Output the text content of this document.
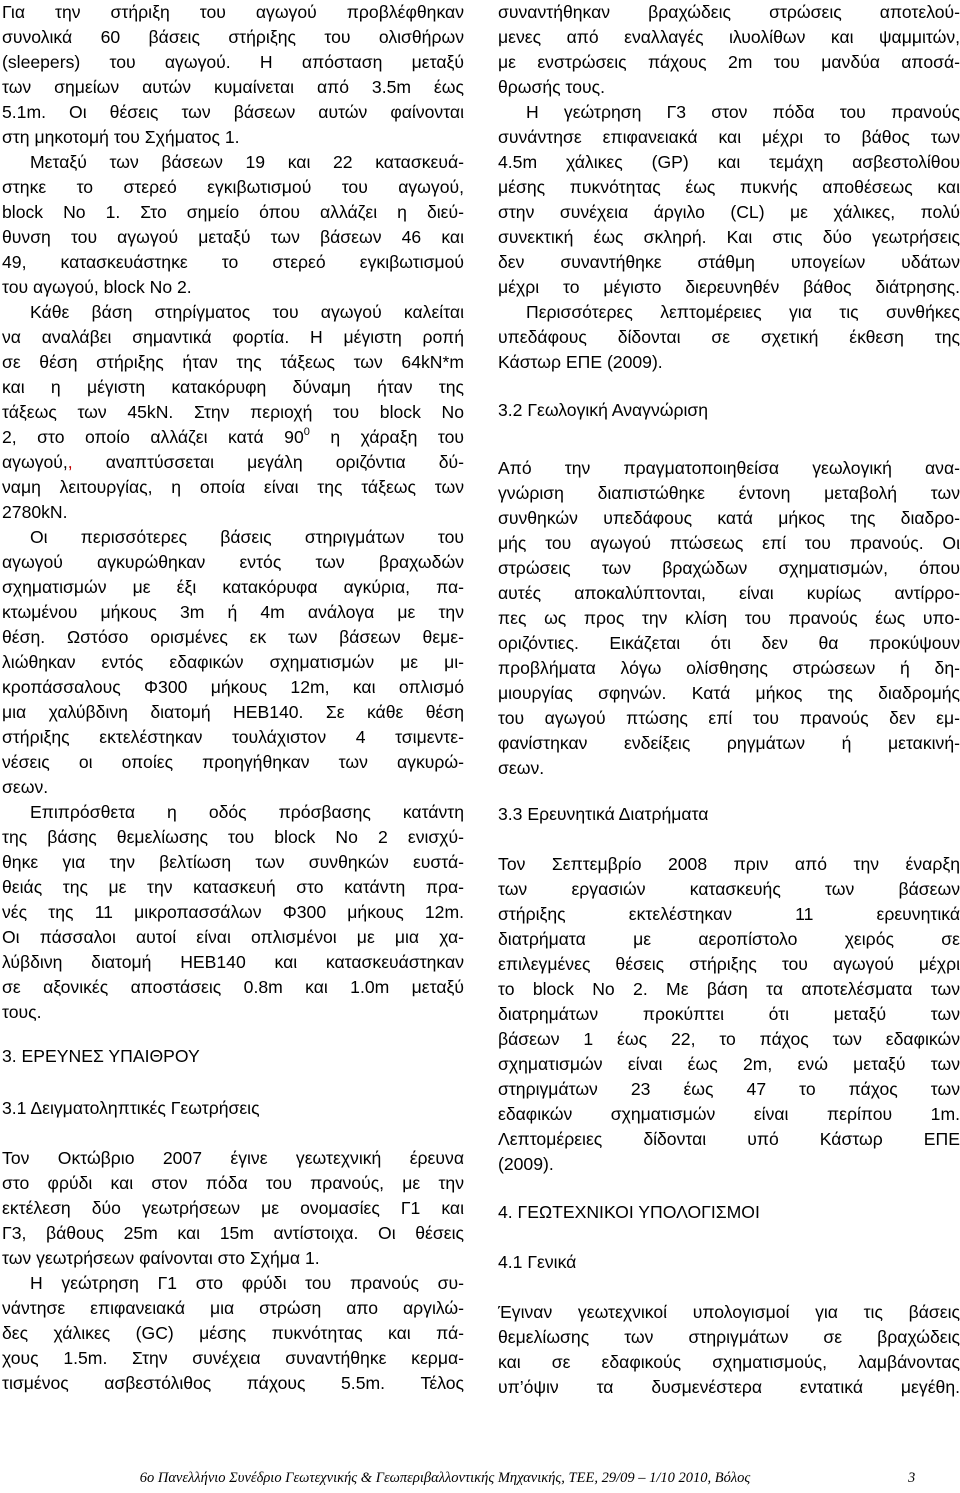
Για την στήριξη του αγωγού προβλέφθηκαν
συνολικά 60 βάσεις στήριξης του ολισθήρων
(sleepers) του αγωγού. Η απόσταση μεταξύ
των σημείων αυτών κυμαίνεται από 3.5m έως
5.1m. Οι θέσεις των βάσεων αυτών φαίνονται
στη μηκοτομή του Σχήματος 1.
Μεταξύ των βάσεων 19 και 22 κατασκευά-
στηκε το στερεό εγκιβωτισμού του αγωγού,
block No 1. Στο σημείο όπου αλλάζει η διεύ-
θυνση του αγωγού μεταξύ των βάσεων 46 και
49, κατασκευάστηκε το στερεό εγκιβωτισμού
του αγωγού, block No 2.
Κάθε βάση στηρίγματος του αγωγού καλείται
να αναλάβει σημαντικά φορτία. Η μέγιστη ροπή
σε θέση στήριξης ήταν της τάξεως των 64kN*m
και η μέγιστη κατακόρυφη δύναμη ήταν της
τάξεως των 45kN. Στην περιοχή του block No
2, στο οποίο αλλάζει κατά $90^0$ η χάραξη του
αγωγού,, αναπτύσσεται μεγάλη οριζόντια δύ-
ναμη λειτουργίας, η οποία είναι της τάξεως των
2780kN.
Οι περισσότερες βάσεις στηριγμάτων του
αγωγού αγκυρώθηκαν εντός των βραχωδών
σχηματισμών με έξι κατακόρυφα αγκύρια, πα-
κτωμένου μήκους 3m ή 4m ανάλογα με την
θέση. Ωστόσο ορισμένες εκ των βάσεων θεμε-
λιώθηκαν εντός εδαφικών σχηματισμών με μι-
κροπάσσαλους Φ300 μήκους 12m, και οπλισμό
μια χαλύβδινη διατομή HEB140. Σε κάθε θέση
στήριξης εκτελέστηκαν τουλάχιστον 4 τσιμεντε-
νέσεις οι οποίες προηγήθηκαν των αγκυρώ-
σεων.
Επιπρόσθετα η οδός πρόσβασης κατάντη
της βάσης θεμελίωσης του block No 2 ενισχύ-
θηκε για την βελτίωση των συνθηκών ευστά-
θειάς της με την κατασκευή στο κατάντη πρα-
νές της 11 μικροπασσάλων Φ300 μήκους 12m.
Οι πάσσαλοι αυτοί είναι οπλισμένοι με μια χα-
λύβδινη διατομή HEB140 και κατασκευάστηκαν
σε αξονικές αποστάσεις 0.8m και 1.0m μεταξύ
τους.
3. ΕΡΕΥΝΕΣ ΥΠΑΙΘΡΟΥ
3.1 Δειγματοληπτικές Γεωτρήσεις
Τον Οκτώβριο 2007 έγινε γεωτεχνική έρευνα
στο φρύδι και στον πόδα του πρανούς, με την
εκτέλεση δύο γεωτρήσεων με ονομασίες Γ1 και
Γ3, βάθους 25m και 15m αντίστοιχα. Οι θέσεις
των γεωτρήσεων φαίνονται στο Σχήμα 1.
Η γεώτρηση Γ1 στο φρύδι του πρανούς συ-
νάντησε επιφανειακά μια στρώση απο αργιλώ-
δες χάλικες (GC) μέσης πυκνότητας και πά-
χους 1.5m. Στην συνέχεια συναντήθηκε κερμα-
τισμένος ασβεστόλιθος πάχους 5.5m. Τέλος
συναντήθηκαν βραχώδεις στρώσεις αποτελού-
μενες από εναλλαγές ιλυολίθων και ψαμμιτών,
με ενστρώσεις πάχους 2m του μανδύα αποσά-
θρωσής τους.
Η γεώτρηση Γ3 στον πόδα του πρανούς
συνάντησε επιφανειακά και μέχρι το βάθος των
4.5m χάλικες (GP) και τεμάχη ασβεστολίθου
μέσης πυκνότητας έως πυκνής αποθέσεως και
στην συνέχεια άργιλο (CL) με χάλικες, πολύ
συνεκτική έως σκληρή. Και στις δύο γεωτρήσεις
δεν συναντήθηκε στάθμη υπογείων υδάτων
μέχρι το μέγιστο διερευνηθέν βάθος διάτρησης.
Περισσότερες λεπτομέρειες για τις συνθήκες
υπεδάφους δίδονται σε σχετική έκθεση της
Κάστωρ ΕΠΕ (2009).
3.2 Γεωλογική Αναγνώριση
Από την πραγματοποιηθείσα γεωλογική ανα-
γνώριση διαπιστώθηκε έντονη μεταβολή των
συνθηκών υπεδάφους κατά μήκος της διαδρο-
μής του αγωγού πτώσεως επί του πρανούς. Οι
στρώσεις των βραχώδων σχηματισμών, όπου
αυτές αποκαλύπτονται, είναι κυρίως αντίρρο-
πες ως προς την κλίση του πρανούς έως υπο-
οριζόντιες. Εικάζεται ότι δεν θα προκύψουν
προβλήματα λόγω ολίσθησης στρώσεων ή δη-
μιουργίας σφηνών. Κατά μήκος της διαδρομής
του αγωγού πτώσης επί του πρανούς δεν εμ-
φανίστηκαν ενδείξεις ρηγμάτων ή μετακινή-
σεων.
3.3 Ερευνητικά Διατρήματα
Τον Σεπτεμβρίο 2008 πριν από την έναρξη
των εργασιών κατασκευής των βάσεων
στήριξης εκτελέστηκαν 11 ερευνητικά
διατρήματα με αεροπίστολο χειρός σε
επιλεγμένες θέσεις στήριξης του αγωγού μέχρι
το block No 2. Με βάση τα αποτελέσματα των
διατρημάτων προκύπτει ότι μεταξύ των
βάσεων 1 έως 22, το πάχος των εδαφικών
σχηματισμών είναι έως 2m, ενώ μεταξύ των
στηριγμάτων 23 έως 47 το πάχος των
εδαφικών σχηματισμών είναι περίπου 1m.
Λεπτομέρειες δίδονται υπό Κάστωρ ΕΠΕ
(2009).
4. ΓΕΩΤΕΧΝΙΚΟΙ ΥΠΟΛΟΓΙΣΜΟΙ
4.1 Γενικά
Έγιναν γεωτεχνικοί υπολογισμοί για τις βάσεις
θεμελίωσης των στηριγμάτων σε βραχώδεις
και σε εδαφικούς σχηματισμούς, λαμβάνοντας
υπ’όψιν τα δυσμενέστερα εντατικά μεγέθη.
6ο Πανελλήνιο Συνέδριο Γεωτεχνικής & Γεωπεριβαλλοντικής Μηχανικής, ΤΕΕ, 29/09 – 1/10 2010, Βόλος	3
